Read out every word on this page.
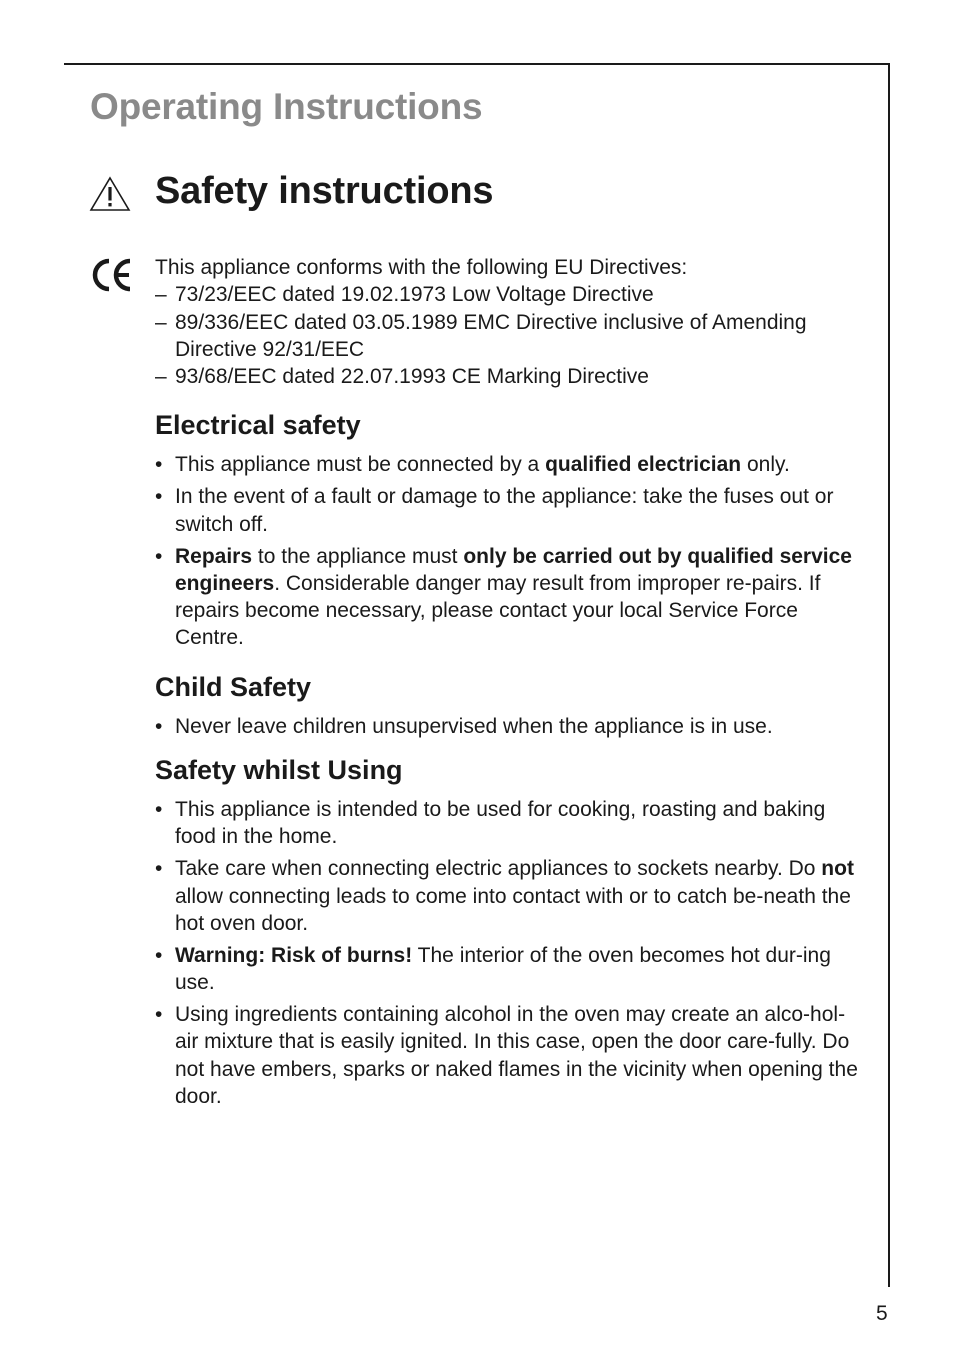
Operating Instructions
Safety instructions
This appliance conforms with the following EU Directives:
– 73/23/EEC dated 19.02.1973 Low Voltage Directive
– 89/336/EEC dated 03.05.1989 EMC Directive inclusive of Amending Directive 92/31/EEC
– 93/68/EEC dated 22.07.1993 CE Marking Directive
Electrical safety
• This appliance must be connected by a qualified electrician only.
• In the event of a fault or damage to the appliance: take the fuses out or switch off.
• Repairs to the appliance must only be carried out by qualified service engineers. Considerable danger may result from improper re-pairs. If repairs become necessary, please contact your local Service Force Centre.
Child Safety
• Never leave children unsupervised when the appliance is in use.
Safety whilst Using
• This appliance is intended to be used for cooking, roasting and baking food in the home.
• Take care when connecting electric appliances to sockets nearby. Do not allow connecting leads to come into contact with or to catch be-neath the hot oven door.
• Warning: Risk of burns! The interior of the oven becomes hot dur-ing use.
• Using ingredients containing alcohol in the oven may create an alco-hol-air mixture that is easily ignited. In this case, open the door care-fully. Do not have embers, sparks or naked flames in the vicinity when opening the door.
5
